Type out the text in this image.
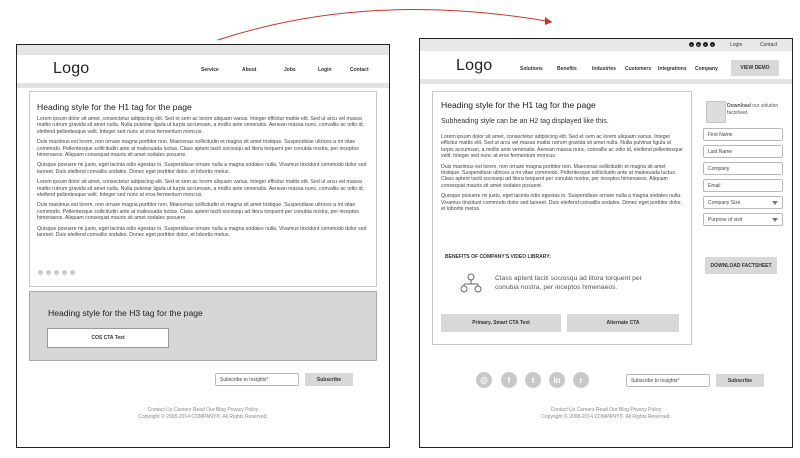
Logo	Service	About	Jobs	Login	Contact
Heading style for the H1 tag for the page

Lorem ipsum dolor sit amet, consectetur adipiscing elit. Sed et sem ac lorem aliquam varius. Integer efficitur mattis elit. Sed ut arcu vel massa mattis rutrum gravida sit amet nulla. Nulla pulvinar ligula ut turpis accumsan, a mollis ante venenatis. Aenean massa nunc, convallis ac odio id, eleifend pellentesque velit. Integer sed nunc at eros fermentum moncus.

Duis maximus est lorem, non ornare magna porttitor non. Maecenas sollicitudin et magna sit amet tristique. Suspendisse ultrices a mi vitae commodo. Pellentesque sollicitudin ante at malesuada luctus. Class aptent taciti sociosqu ad litora torquent per conubia nostra, per inceptos himenaeos. Aliquam consequat mauris sit amet sodales posuere.

Quisque posuere mi justo, eget lacinia odio egestas in. Suspendisse ornare nulla a magna sodales nulla. Vivamus tincidunt commodo dolor sed laoreet. Duis eleifend convallis sodales. Donec eget porttitor dolor, et lobortis metus.

Lorem ipsum dolor sit amet, consectetur adipiscing elit. Sed et sem ac lorem aliquam varius. Integer efficitur mattis elit. Sed ut arcu vel massa mattis rutrum gravida sit amet nulla. Nulla pulvinar ligula ut turpis accumsan, a mollis ante venenatis. Aenean massa nunc, convallis ac odio id, eleifend pellentesque velit. Integer sed nunc at eros fermentum moncus.

Duis maximus est lorem, non ornare magna porttitor non. Maecenas sollicitudin et magna sit amet tristique. Suspendisse ultrices a mi vitae commodo. Pellentesque sollicitudin ante at malesuada luctus. Class aptent taciti sociosqu ad litora torquent per conubia nostra, per inceptos himenaeos. Aliquam consequat mauris sit amet sodales posuere.

Quisque posuere mi justo, eget lacinia odio egestas in. Suspendisse ornare nulla a magna sodales nulla. Vivamus tincidunt commodo dolor sed laoreet. Duis eleifend convallis sodales. Donec eget porttitor dolor, et lobortis metus.

Heading style for the H3 tag for the page
COS CTA Text
Subscribe to Insights*	Subscribe
Contact Us Careers Read Our Blog Privacy Policy
Copyright © 2008-2014 COMPANY®. All Rights Reserved.
t	in	f	r	Login	Contact
Logo	Solutions	Benefits	Industries Customers Integrations Company	VIEW DEMO
Heading style for the H1 tag for the page
Subheading style can be an H2 tag displayed like this.

Lorem ipsum dolor sit amet, consectetur adipiscing elit. Sed et sem ac lorem aliquam varius. Integer efficitur mattis elit. Sed ut arcu vel massa mattis rutrum gravida sit amet nulla. Nulla pulvinar ligula ut turpis accumsan, a mollis ante venenatis. Aenean massa nunc, convallis ac odio id, eleifend pellentesque velit. Integer sed nunc at eros fermentum moncus.

Duis maximus est lorem, non ornare magna porttitor non. Maecenas sollicitudin et magna sit amet tristique. Suspendisse ultrices a mi vitae commodo. Pellentesque sollicitudin ante at malesuada luctus. Class aptent taciti sociosqu ad litora torquent per conubia nostra, per inceptos himenaeos. Aliquam consequat mauris sit amet sodales posuere.

Quisque posuere mi justo, eget lacinia odio egestas in. Suspendisse ornare nulla a magna sodales nulla. Vivamus tincidunt commodo dolor sed laoreet. Duis eleifend convallis sodales. Donec eget porttitor dolor, et lobortis metus.

BENEFITS OF COMPANY'S VIDEO LIBRARY:
Class aptent taciti sociosqu ad litora torquent per conubia nostra, per inceptos himenaeos.
Primary, Smart CTA Text	Alternate CTA
Download our solution factsheet.
First Name
Last Name
Company
Email
Company Size
Purpose of visit
DOWNLOAD FACTSHEET
@	f	t	in	r	Subscribe to Insights*	Subscribe
Contact Us Careers Read Our Blog Privacy Policy
Copyright © 2008-2014 COMPANY®. All Rights Reserved.
